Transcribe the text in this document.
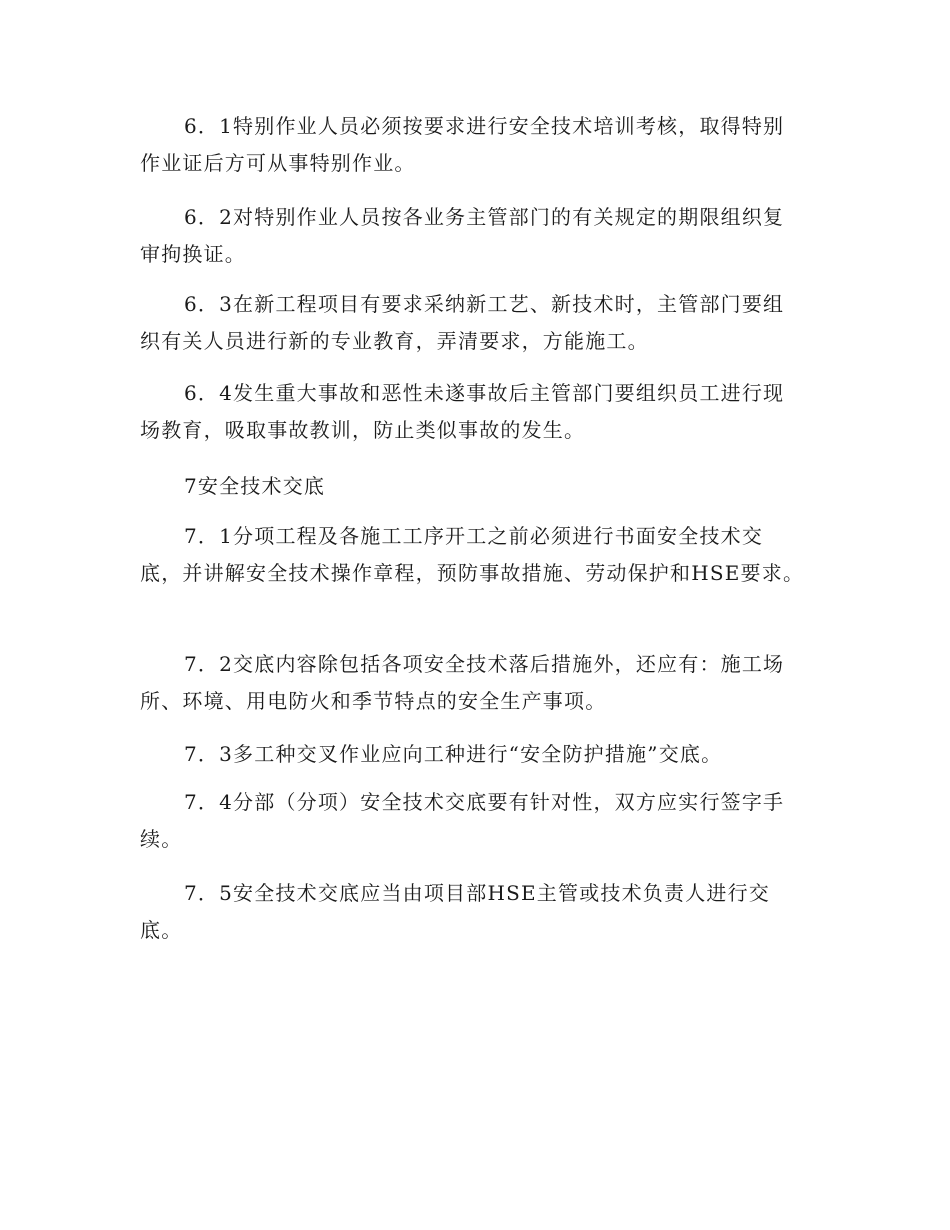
6．1特别作业人员必须按要求进行安全技术培训考核，取得特别作业证后方可从事特别作业。

6．2对特别作业人员按各业务主管部门的有关规定的期限组织复审拘换证。

6．3在新工程项目有要求采纳新工艺、新技术时，主管部门要组织有关人员进行新的专业教育，弄清要求，方能施工。

6．4发生重大事故和恶性未遂事故后主管部门要组织员工进行现场教育，吸取事故教训，防止类似事故的发生。

7安全技术交底

7．1分项工程及各施工工序开工之前必须进行书面安全技术交底，并讲解安全技术操作章程，预防事故措施、劳动保护和HSE要求。

7．2交底内容除包括各项安全技术落后措施外，还应有：施工场所、环境、用电防火和季节特点的安全生产事项。

7．3多工种交叉作业应向工种进行“安全防护措施”交底。

7．4分部（分项）安全技术交底要有针对性，双方应实行签字手续。

7．5安全技术交底应当由项目部HSE主管或技术负责人进行交底。
